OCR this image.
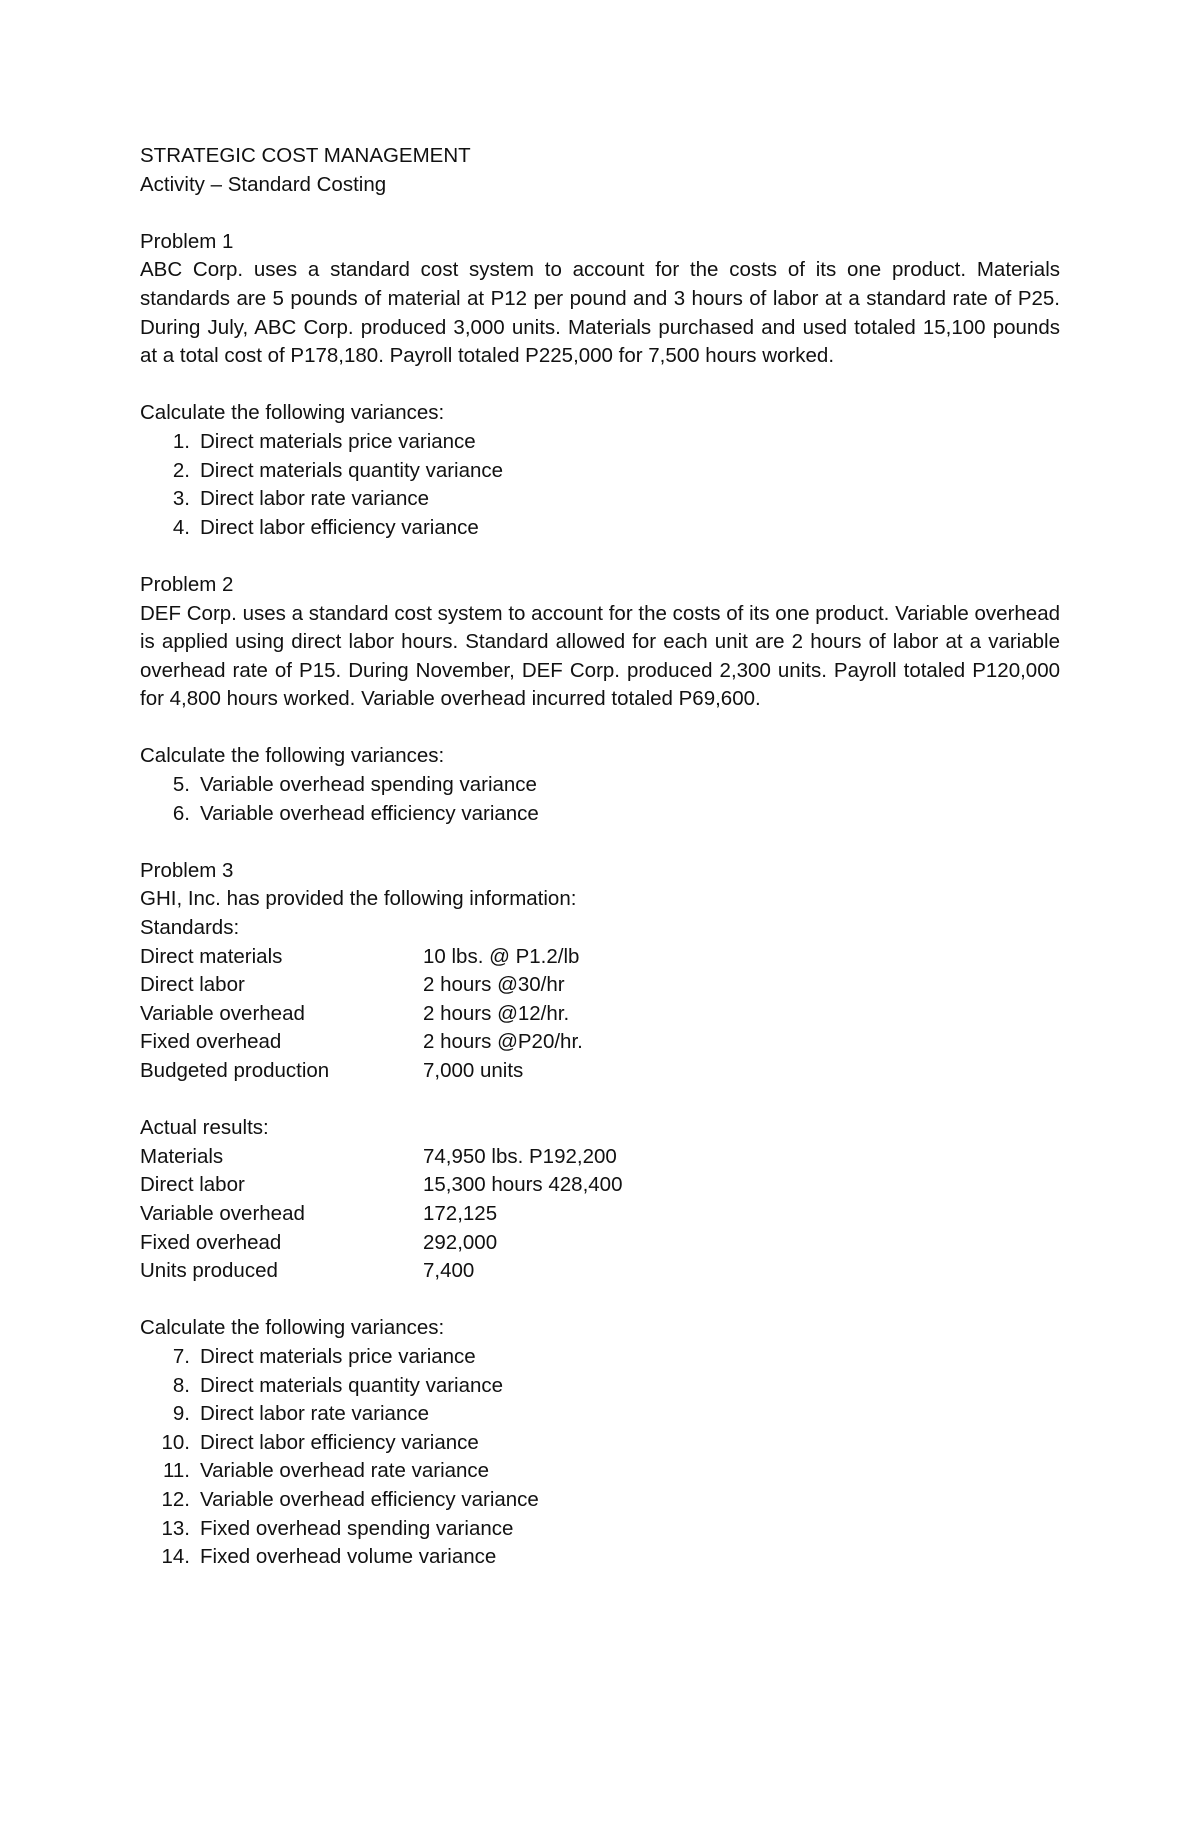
STRATEGIC COST MANAGEMENT

Activity – Standard Costing

Problem 1

ABC Corp. uses a standard cost system to account for the costs of its one product. Materials standards are 5 pounds of material at P12 per pound and 3 hours of labor at a standard rate of P25. During July, ABC Corp. produced 3,000 units. Materials purchased and used totaled 15,100 pounds at a total cost of P178,180. Payroll totaled P225,000 for 7,500 hours worked.

Calculate the following variances:

1. Direct materials price variance
2. Direct materials quantity variance
3. Direct labor rate variance
4. Direct labor efficiency variance

Problem 2

DEF Corp. uses a standard cost system to account for the costs of its one product. Variable overhead is applied using direct labor hours. Standard allowed for each unit are 2 hours of labor at a variable overhead rate of P15. During November, DEF Corp. produced 2,300 units. Payroll totaled P120,000 for 4,800 hours worked. Variable overhead incurred totaled P69,600.

Calculate the following variances:

5. Variable overhead spending variance
6. Variable overhead efficiency variance

Problem 3

GHI, Inc. has provided the following information:

Standards:

Direct materials	10 lbs. @ P1.2/lb
Direct labor	2 hours @30/hr
Variable overhead	2 hours @12/hr.
Fixed overhead	2 hours @P20/hr.
Budgeted production	7,000 units

Actual results:

Materials	74,950 lbs. P192,200
Direct labor	15,300 hours 428,400
Variable overhead	172,125
Fixed overhead	292,000
Units produced	7,400

Calculate the following variances:

7. Direct materials price variance
8. Direct materials quantity variance
9. Direct labor rate variance
10. Direct labor efficiency variance
11. Variable overhead rate variance
12. Variable overhead efficiency variance
13. Fixed overhead spending variance
14. Fixed overhead volume variance
